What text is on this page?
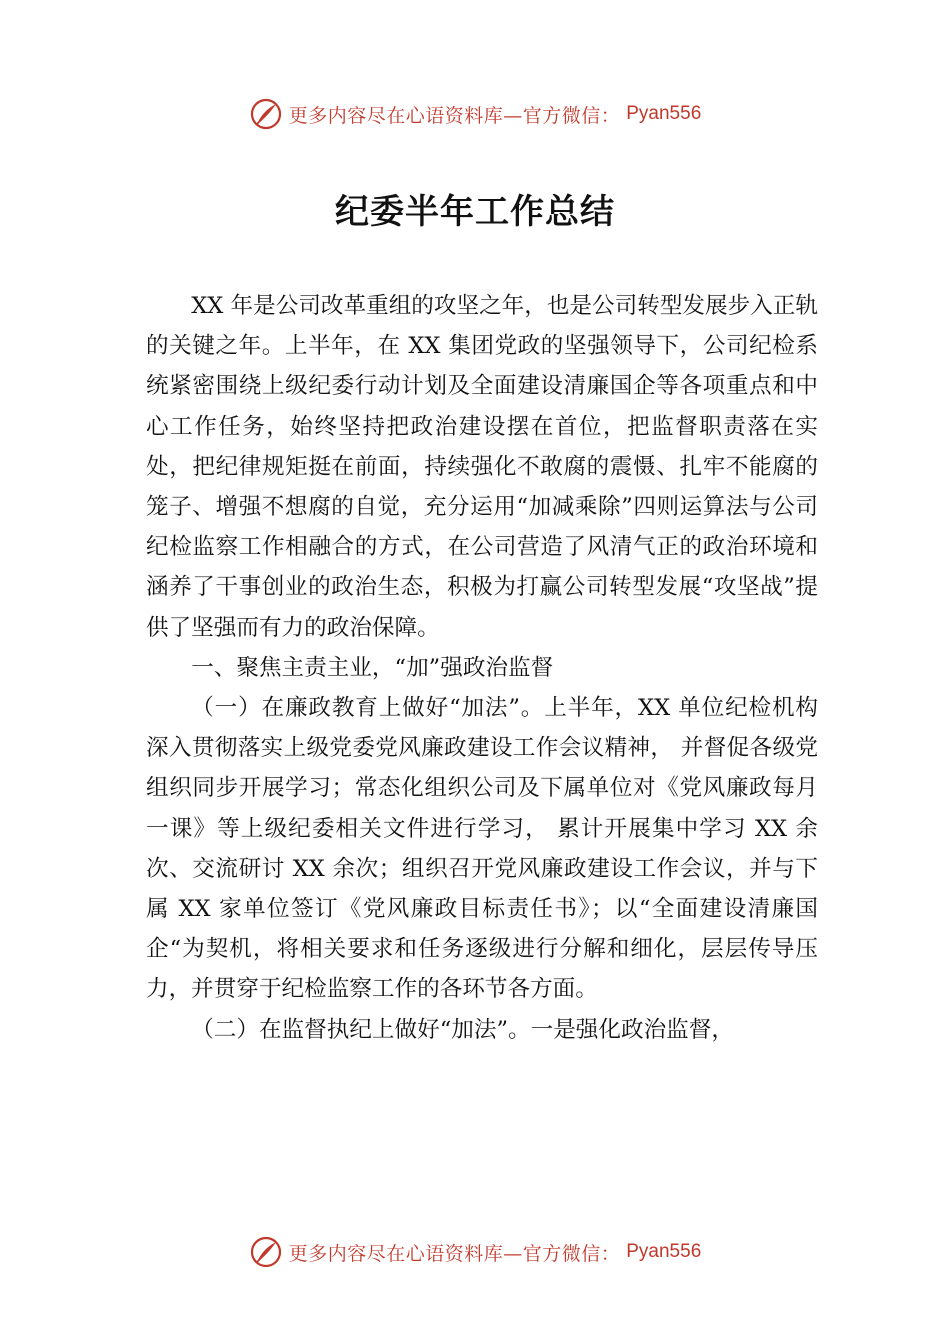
更多内容尽在心语资料库—官方微信： Pyan556
纪委半年工作总结

XX 年是公司改革重组的攻坚之年，也是公司转型发展步入正轨的关键之年。上半年，在 XX 集团党政的坚强领导下，公司纪检系统紧密围绕上级纪委行动计划及全面建设清廉国企等各项重点和中心工作任务，始终坚持把政治建设摆在首位，把监督职责落在实处，把纪律规矩挺在前面，持续强化不敢腐的震慑、扎牢不能腐的笼子、增强不想腐的自觉，充分运用“加减乘除”四则运算法与公司纪检监察工作相融合的方式，在公司营造了风清气正的政治环境和涵养了干事创业的政治生态，积极为打赢公司转型发展“攻坚战”提供了坚强而有力的政治保障。

一、聚焦主责主业，“加”强政治监督

（一）在廉政教育上做好“加法”。上半年，XX 单位纪检机构深入贯彻落实上级党委党风廉政建设工作会议精神， 并督促各级党组织同步开展学习；常态化组织公司及下属单位对《党风廉政每月一课》等上级纪委相关文件进行学习， 累计开展集中学习 XX 余次、交流研讨 XX 余次；组织召开党风廉政建设工作会议，并与下属 XX 家单位签订《党风廉政目标责任书》；以“全面建设清廉国企“为契机，将相关要求和任务逐级进行分解和细化，层层传导压力，并贯穿于纪检监察工作的各环节各方面。

（二）在监督执纪上做好“加法”。一是强化政治监督，

更多内容尽在心语资料库—官方微信： Pyan556
